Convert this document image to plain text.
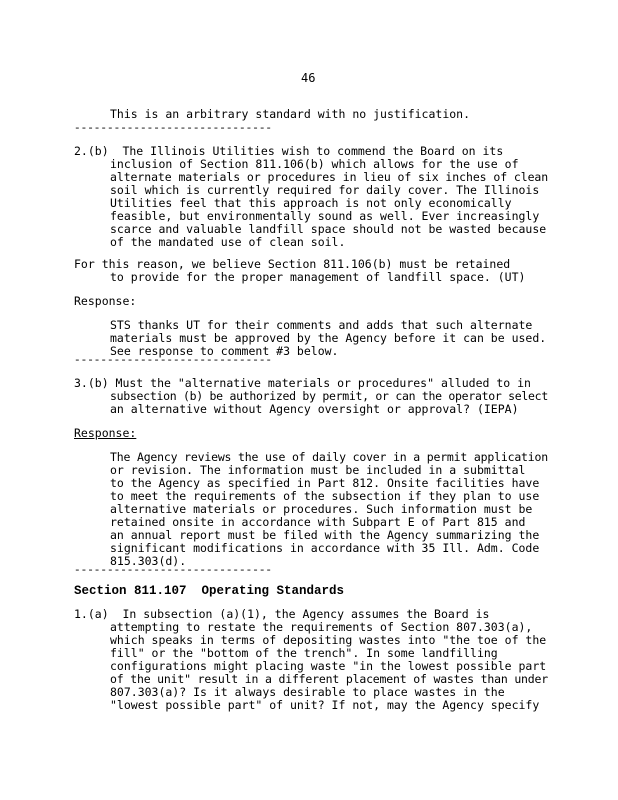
46
This is an arbitrary standard with no justification.
------------------------------
2.(b)  The Illinois Utilities wish to commend the Board on its
inclusion of Section 811.106(b) which allows for the use of
alternate materials or procedures in lieu of six inches of clean
soil which is currently required for daily cover. The Illinois
Utilities feel that this approach is not only economically
feasible, but environmentally sound as well. Ever increasingly
scarce and valuable landfill space should not be wasted because
of the mandated use of clean soil.
For this reason, we believe Section 811.106(b) must be retained
to provide for the proper management of landfill space. (UT)
Response:
STS thanks UT for their comments and adds that such alternate
materials must be approved by the Agency before it can be used.
See response to comment #3 below.
------------------------------
3.(b) Must the "alternative materials or procedures" alluded to in
subsection (b) be authorized by permit, or can the operator select
an alternative without Agency oversight or approval? (IEPA)
Response:
The Agency reviews the use of daily cover in a permit application
or revision. The information must be included in a submittal
to the Agency as specified in Part 812. Onsite facilities have
to meet the requirements of the subsection if they plan to use
alternative materials or procedures. Such information must be
retained onsite in accordance with Subpart E of Part 815 and
an annual report must be filed with the Agency summarizing the
significant modifications in accordance with 35 Ill. Adm. Code
815.303(d).
------------------------------
Section 811.107  Operating Standards
1.(a)  In subsection (a)(1), the Agency assumes the Board is
attempting to restate the requirements of Section 807.303(a),
which speaks in terms of depositing wastes into "the toe of the
fill" or the "bottom of the trench". In some landfilling
configurations might placing waste "in the lowest possible part
of the unit" result in a different placement of wastes than under
807.303(a)? Is it always desirable to place wastes in the
"lowest possible part" of unit? If not, may the Agency specify
